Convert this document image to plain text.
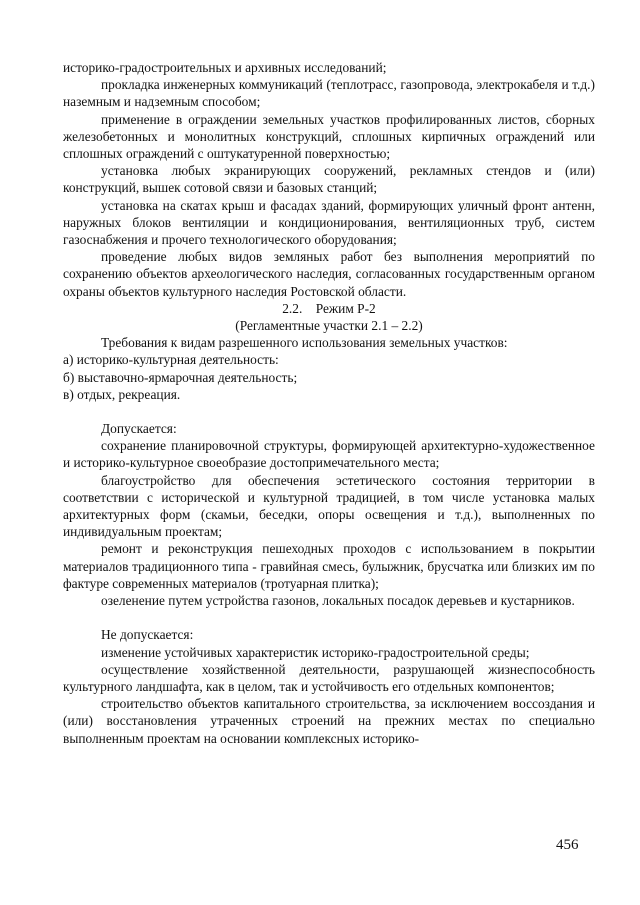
историко-градостроительных и архивных исследований;

прокладка инженерных коммуникаций (теплотрасс, газопровода, электрокабеля и т.д.) наземным и надземным способом;

применение в ограждении земельных участков профилированных листов, сборных железобетонных и монолитных конструкций, сплошных кирпичных ограждений или сплошных ограждений с оштукатуренной поверхностью;

установка любых экранирующих сооружений, рекламных стендов и (или) конструкций, вышек сотовой связи и базовых станций;

установка на скатах крыш и фасадах зданий, формирующих уличный фронт антенн, наружных блоков вентиляции и кондиционирования, вентиляционных труб, систем газоснабжения и прочего технологического оборудования;

проведение любых видов земляных работ без выполнения мероприятий по сохранению объектов археологического наследия, согласованных государственным органом охраны объектов культурного наследия Ростовской области.

2.2.    Режим Р-2

(Регламентные участки 2.1 – 2.2)

Требования к видам разрешенного использования земельных участков:

а) историко-культурная деятельность:

б) выставочно-ярмарочная деятельность;

в) отдых, рекреация.

Допускается:

сохранение планировочной структуры, формирующей архитектурно-художественное и историко-культурное своеобразие достопримечательного места;

благоустройство для обеспечения эстетического состояния территории в соответствии с исторической и культурной традицией, в том числе установка малых архитектурных форм (скамьи, беседки, опоры освещения и т.д.), выполненных по индивидуальным проектам;

ремонт и реконструкция пешеходных проходов с использованием в покрытии материалов традиционного типа - гравийная смесь, булыжник, брусчатка или близких им по фактуре современных материалов (тротуарная плитка);

озеленение путем устройства газонов, локальных посадок деревьев и кустарников.

Не допускается:

изменение устойчивых характеристик историко-градостроительной среды;

осуществление хозяйственной деятельности, разрушающей жизнеспособность культурного ландшафта, как в целом, так и устойчивость его отдельных компонентов;

строительство объектов капитального строительства, за исключением воссоздания и (или) восстановления утраченных строений на прежних местах по специально выполненным проектам на основании комплексных историко-

456
